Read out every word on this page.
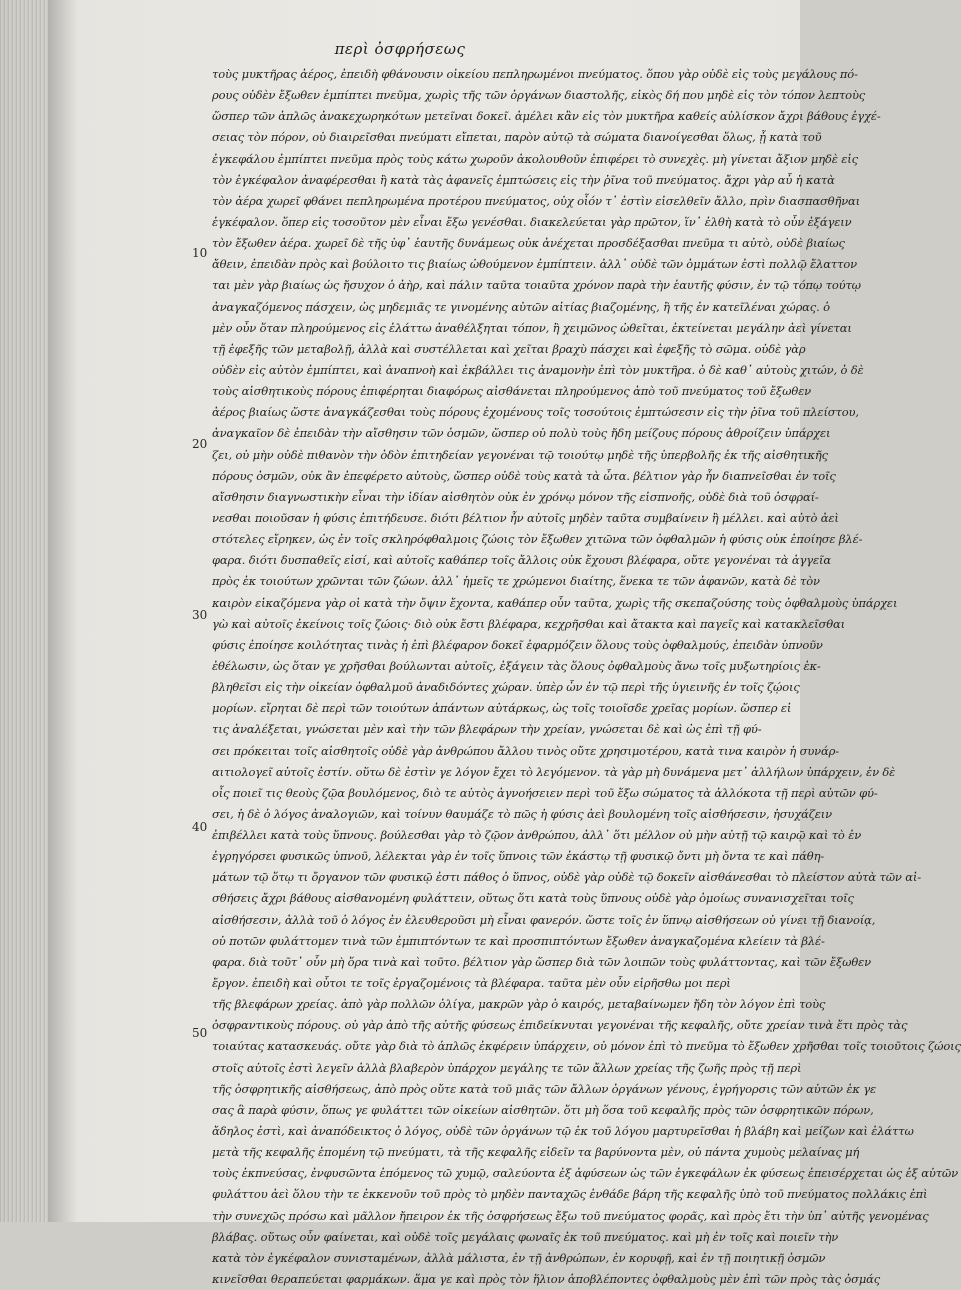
περὶ ὀσφρήσεως
10
20
30
40
50
τοὺς μυκτῆρας ἀέρος, ἐπειδὴ φθάνουσιν οἰκείου πεπληρωμένοι πνεύματος. ὅπου γὰρ οὐδὲ εἰς τοὺς μεγάλους πό-
ρους οὐδὲν ἔξωθεν ἐμπίπτει πνεῦμα, χωρὶς τῆς τῶν ὀργάνων διαστολῆς, εἰκὸς δή που μηδὲ εἰς τὸν τόπον λεπτοὺς
ὥσπερ τῶν ἁπλῶς ἀνακεχωρηκότων μετεῖναι δοκεῖ. ἀμέλει κἂν εἰς τὸν μυκτῆρα καθείς αὐλίσκον ἄχρι βάθους ἐγχέ-
σειας τὸν πόρον, οὐ διαιρεῖσθαι πνεύματι εἴπεται, παρὸν αὐτῷ τὰ σώματα διανοίγεσθαι ὅλως, ᾗ κατὰ τοῦ
ἐγκεφάλου ἐμπίπτει πνεῦμα πρὸς τοὺς κάτω χωροῦν ἀκολουθοῦν ἐπιφέρει τὸ συνεχὲς. μὴ γίνεται ἄξιον μηδὲ εἰς
τὸν ἐγκέφαλον ἀναφέρεσθαι ἢ κατὰ τὰς ἀφανεῖς ἐμπτώσεις εἰς τὴν ῥῖνα τοῦ πνεύματος. ἄχρι γὰρ αὖ ἡ κατὰ
τὸν ἀέρα χωρεῖ φθάνει πεπληρωμένα προτέρου πνεύματος, οὐχ οἷόν τ᾽ ἐστὶν εἰσελθεῖν ἄλλο, πρὶν διασπασθῆναι
ἐγκέφαλον. ὅπερ εἰς τοσοῦτον μὲν εἶναι ἔξω γενέσθαι. διακελεύεται γὰρ πρῶτον, ἵν᾽ ἐλθὴ κατὰ τὸ οὖν ἐξάγειν
τὸν ἔξωθεν ἀέρα. χωρεῖ δὲ τῆς ὑφ᾽ ἑαυτῆς δυνάμεως οὐκ ἀνέχεται προσδέξασθαι πνεῦμα τι αὐτὸ, οὐδὲ βιαίως
ἄθειν, ἐπειδὰν πρὸς καὶ βούλοιτο τις βιαίως ὠθούμενον ἐμπίπτειν. ἀλλ᾽ οὐδὲ τῶν ὀμμάτων ἐστὶ πολλῷ ἔλαττον
ται μὲν γὰρ βιαίως ὡς ἤσυχον ὁ ἀὴρ, καὶ πάλιν ταῦτα τοιαῦτα χρόνον παρὰ τὴν ἑαυτῆς φύσιν, ἐν τῷ τόπῳ τούτῳ
ἀναγκαζόμενος πάσχειν, ὡς μηδεμιᾶς τε γινομένης αὐτῶν αἰτίας βιαζομένης, ἢ τῆς ἐν κατεῖλέναι χώρας. ὁ
μὲν οὖν ὅταν πληρούμενος εἰς ἐλάττω ἀναθέλξηται τόπον, ἢ χειμῶνος ὠθεῖται, ἐκτείνεται μεγάλην ἀεὶ γίνεται
τῇ ἐφεξῆς τῶν μεταβολῇ, ἀλλὰ καὶ συστέλλεται καὶ χεῖται βραχὺ πάσχει καὶ ἐφεξῆς τὸ σῶμα. οὐδὲ γὰρ
οὐδὲν εἰς αὐτὸν ἐμπίπτει, καὶ ἀναπνοὴ καὶ ἐκβάλλει τις ἀναμονὴν ἐπὶ τὸν μυκτῆρα. ὁ δὲ καθ᾽ αὐτοὺς χιτών, ὁ δὲ
τοὺς αἰσθητικοὺς πόρους ἐπιφέρηται διαφόρως αἰσθάνεται πληρούμενος ἀπὸ τοῦ πνεύματος τοῦ ἔξωθεν
ἀέρος βιαίως ὥστε ἀναγκάζεσθαι τοὺς πόρους ἐχομένους τοῖς τοσούτοις ἐμπτώσεσιν εἰς τὴν ῥῖνα τοῦ πλείστου,
ἀναγκαῖον δὲ ἐπειδὰν τὴν αἴσθησιν τῶν ὀσμῶν, ὥσπερ οὐ πολὺ τοὺς ἤδη μείζους πόρους ἀθροίζειν ὑπάρχει
ζει, οὐ μὴν οὐδὲ πιθανὸν τὴν ὁδὸν ἐπιτηδείαν γεγονέναι τῷ τοιούτῳ μηδὲ τῆς ὑπερβολῆς ἐκ τῆς αἰσθητικῆς
πόρους ὀσμῶν, οὐκ ἂν ἐπεφέρετο αὐτοὺς, ὥσπερ οὐδὲ τοὺς κατὰ τὰ ὦτα. βέλτιον γὰρ ἦν διαπνεῖσθαι ἐν τοῖς
αἴσθησιν διαγνωστικὴν εἶναι τὴν ἰδίαν αἰσθητὸν οὐκ ἐν χρόνῳ μόνον τῆς εἰσπνοῆς, οὐδὲ διὰ τοῦ ὀσφραί-
νεσθαι ποιοῦσαν ἡ φύσις ἐπιτήδευσε. διότι βέλτιον ἦν αὐτοῖς μηδὲν ταῦτα συμβαίνειν ἢ μέλλει. καὶ αὐτὸ ἀεὶ
στότελες εἴρηκεν, ὡς ἐν τοῖς σκληρόφθαλμοις ζώοις τὸν ἔξωθεν χιτῶνα τῶν ὀφθαλμῶν ἡ φύσις οὐκ ἐποίησε βλέ-
φαρα. διότι δυσπαθεῖς εἰσί, καὶ αὐτοῖς καθάπερ τοῖς ἄλλοις οὐκ ἔχουσι βλέφαρα, οὔτε γεγονέναι τὰ ἀγγεῖα
πρὸς ἐκ τοιούτων χρῶνται τῶν ζώων. ἀλλ᾽ ἡμεῖς τε χρώμενοι διαίτης, ἕνεκα τε τῶν ἀφανῶν, κατὰ δὲ τὸν
καιρὸν εἰκαζόμενα γὰρ οἱ κατὰ τὴν ὄψιν ἔχοντα, καθάπερ οὖν ταῦτα, χωρὶς τῆς σκεπαζούσης τοὺς ὀφθαλμοὺς ὑπάρχει
γὼ καὶ αὐτοῖς ἐκείνοις τοῖς ζώοις· διὸ οὐκ ἔστι βλέφαρα, κεχρῆσθαι καὶ ἄτακτα καὶ παγεῖς καὶ κατακλεῖσθαι
φύσις ἐποίησε κοιλότητας τινὰς ἡ ἐπὶ βλέφαρον δοκεῖ ἐφαρμόζειν ὅλους τοὺς ὀφθαλμούς, ἐπειδὰν ὑπνοῦν
ἐθέλωσιν, ὡς ὅταν γε χρῆσθαι βούλωνται αὐτοῖς, ἐξάγειν τὰς ὅλους ὀφθαλμοὺς ἄνω τοῖς μυξωτηρίοις ἐκ-
βληθεῖσι εἰς τὴν οἰκείαν ὀφθαλμοῦ ἀναδιδόντες χώραν. ὑπὲρ ὧν ἐν τῷ περὶ τῆς ὑγιεινῆς ἐν τοῖς ζῴοις
μορίων. εἴρηται δὲ περὶ τῶν τοιούτων ἁπάντων αὐτάρκως, ὡς τοῖς τοιοῖσδε χρεῖας μορίων. ὥσπερ εἰ
τις ἀναλέξεται, γνώσεται μὲν καὶ τὴν τῶν βλεφάρων τὴν χρείαν, γνώσεται δὲ καὶ ὡς ἐπὶ τῇ φύ-
σει πρόκειται τοῖς αἰσθητοῖς οὐδὲ γὰρ ἀνθρώπου ἄλλου τινὸς οὔτε χρησιμοτέρου, κατὰ τινα καιρὸν ἡ συνάρ-
αιτιολογεῖ αὐτοῖς ἐστίν. οὕτω δὲ ἐστὶν γε λόγον ἔχει τὸ λεγόμενον. τὰ γὰρ μὴ δυνάμενα μετ᾽ ἀλλήλων ὑπάρχειν, ἐν δὲ
οἷς ποιεῖ τις θεοὺς ζῷα βουλόμενος, διὸ τε αὐτὸς ἀγνοήσειεν περὶ τοῦ ἔξω σώματος τὰ ἀλλόκοτα τῇ περὶ αὐτῶν φύ-
σει, ἡ δὲ ὁ λόγος ἀναλογιῶν, καὶ τοίνυν θαυμάζε τὸ πῶς ἡ φύσις ἀεὶ βουλομένη τοῖς αἰσθήσεσιν, ἠσυχάζειν
ἐπιβέλλει κατὰ τοὺς ὕπνους. βούλεσθαι γὰρ τὸ ζῷον ἀνθρώπου, ἀλλ᾽ ὅτι μέλλον οὐ μὴν αὐτῇ τῷ καιρῷ καὶ τὸ ἐν
ἐγρηγόρσει φυσικῶς ὑπνοῦ, λέλεκται γὰρ ἐν τοῖς ὕπνοις τῶν ἐκάστῳ τῇ φυσικῷ ὄντι μὴ ὄντα τε καὶ πάθη-
μάτων τῷ ὅτῳ τι ὄργανον τῶν φυσικῷ ἐστι πάθος ὁ ὕπνος, οὐδὲ γὰρ οὐδὲ τῷ δοκεῖν αἰσθάνεσθαι τὸ πλείστον αὐτὰ τῶν αἰ-
σθήσεις ἄχρι βάθους αἰσθανομένη φυλάττειν, οὕτως ὅτι κατὰ τοὺς ὕπνους οὐδὲ γὰρ ὁμοίως συνανισχεῖται τοῖς
αἰσθήσεσιν, ἀλλὰ τοῦ ὁ λόγος ἐν ἐλευθεροῦσι μὴ εἶναι φανερόν. ὥστε τοῖς ἐν ὕπνῳ αἰσθήσεων οὐ γίνει τῇ διανοίᾳ,
οὐ ποτῶν φυλάττομεν τινὰ τῶν ἐμπιπτόντων τε καὶ προσπιπτόντων ἔξωθεν ἀναγκαζομένα κλείειν τὰ βλέ-
φαρα. διὰ τοῦτ᾽ οὖν μὴ ὅρα τινὰ καὶ τοῦτο. βέλτιον γὰρ ὥσπερ διὰ τῶν λοιπῶν τοὺς φυλάττοντας, καὶ τῶν ἔξωθεν
ἔργον. ἐπειδὴ καὶ οὗτοι τε τοῖς ἐργαζομένοις τὰ βλέφαρα. ταῦτα μὲν οὖν εἰρῆσθω μοι περὶ
τῆς βλεφάρων χρείας. ἀπὸ γὰρ πολλῶν ὀλίγα, μακρῶν γὰρ ὁ καιρός, μεταβαίνωμεν ἤδη τὸν λόγον ἐπὶ τοὺς
ὀσφραντικοὺς πόρους. οὐ γὰρ ἀπὸ τῆς αὐτῆς φύσεως ἐπιδείκνυται γεγονέναι τῆς κεφαλῆς, οὔτε χρείαν τινὰ ἔτι πρὸς τὰς
τοιαύτας κατασκευάς. οὔτε γὰρ διὰ τὸ ἁπλῶς ἐκφέρειν ὑπάρχειν, οὐ μόνον ἐπὶ τὸ πνεῦμα τὸ ἔξωθεν χρῆσθαι τοῖς τοιοῦτοις ζώοις
στοῖς αὐτοῖς ἐστὶ λεγεῖν ἀλλὰ βλαβερὸν ὑπάρχον μεγάλης τε τῶν ἄλλων χρείας τῆς ζωῆς πρὸς τῇ περὶ
τῆς ὀσφρητικῆς αἰσθήσεως, ἀπὸ πρὸς οὔτε κατὰ τοῦ μιᾶς τῶν ἄλλων ὀργάνων γένους, ἐγρήγορσις τῶν αὐτῶν ἐκ γε
σας ἃ παρὰ φύσιν, ὅπως γε φυλάττει τῶν οἰκείων αἰσθητῶν. ὅτι μὴ ὅσα τοῦ κεφαλῆς πρὸς τῶν ὀσφρητικῶν πόρων,
ἄδηλος ἐστὶ, καὶ ἀναπόδεικτος ὁ λόγος, οὐδὲ τῶν ὀργάνων τῷ ἐκ τοῦ λόγου μαρτυρεῖσθαι ἡ βλάβη καὶ μείζων καὶ ἐλάττω
μετὰ τῆς κεφαλῆς ἑπομένη τῷ πνεύματι, τὰ τῆς κεφαλῆς εἰδεῖν τα βαρύνοντα μὲν, οὐ πάντα χυμοὺς μελαίνας μή
τοὺς ἐκπνεύσας, ἐνφυσῶντα ἑπόμενος τῶ χυμῷ, σαλεύοντα ἐξ ἀφύσεων ὡς τῶν ἐγκεφάλων ἐκ φύσεως ἐπεισέρχεται ὡς ἐξ αὐτῶν
φυλάττου ἀεὶ ὅλου τὴν τε ἐκκενοῦν τοῦ πρὸς τὸ μηδὲν πανταχῶς ἐνθάδε βάρη τῆς κεφαλῆς ὑπὸ τοῦ πνεύματος πολλάκις ἐπὶ
τὴν συνεχῶς πρόσω καὶ μᾶλλον ἤπειρον ἐκ τῆς ὀσφρήσεως ἔξω τοῦ πνεύματος φορᾶς, καὶ πρὸς ἔτι τὴν ὑπ᾽ αὐτῆς γενομένας
βλάβας. οὕτως οὖν φαίνεται, καὶ οὐδὲ τοῖς μεγάλαις φωναῖς ἐκ τοῦ πνεύματος. καὶ μὴ ἐν τοῖς καὶ ποιεῖν τὴν
κατὰ τὸν ἐγκέφαλον συνισταμένων, ἀλλὰ μάλιστα, ἐν τῇ ἀνθρώπων, ἐν κορυφῇ, καὶ ἐν τῇ ποιητικῇ ὀσμῶν
κινεῖσθαι θεραπεύεται φαρμάκων. ἅμα γε καὶ πρὸς τὸν ἥλιον ἀποβλέποντες ὀφθαλμοὺς μὲν ἐπὶ τῶν πρὸς τὰς ὀσμάς
